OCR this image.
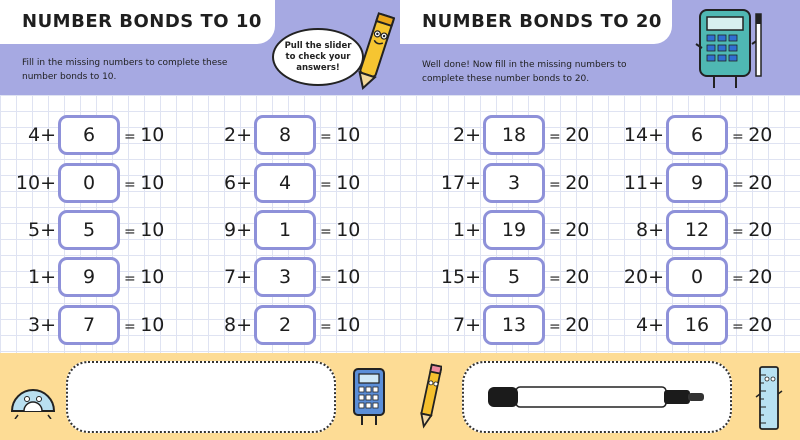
NUMBER BONDS TO 10
Fill in the missing numbers to complete these number bonds to 10.
Pull the slider to check your answers!
4+	6	= 10
10+	0	= 10
5+	5	= 10
1+	9	= 10
3+	7	= 10
2+	8	= 10
6+	4	= 10
9+	1	= 10
7+	3	= 10
8+	2	= 10
NUMBER BONDS TO 20
Well done! Now fill in the missing numbers to complete these number bonds to 20.
2+	18	= 20
17+	3	= 20
1+	19	= 20
15+	5	= 20
7+	13	= 20
14+	6	= 20
11+	9	= 20
8+	12	= 20
20+	0	= 20
4+	16	= 20
